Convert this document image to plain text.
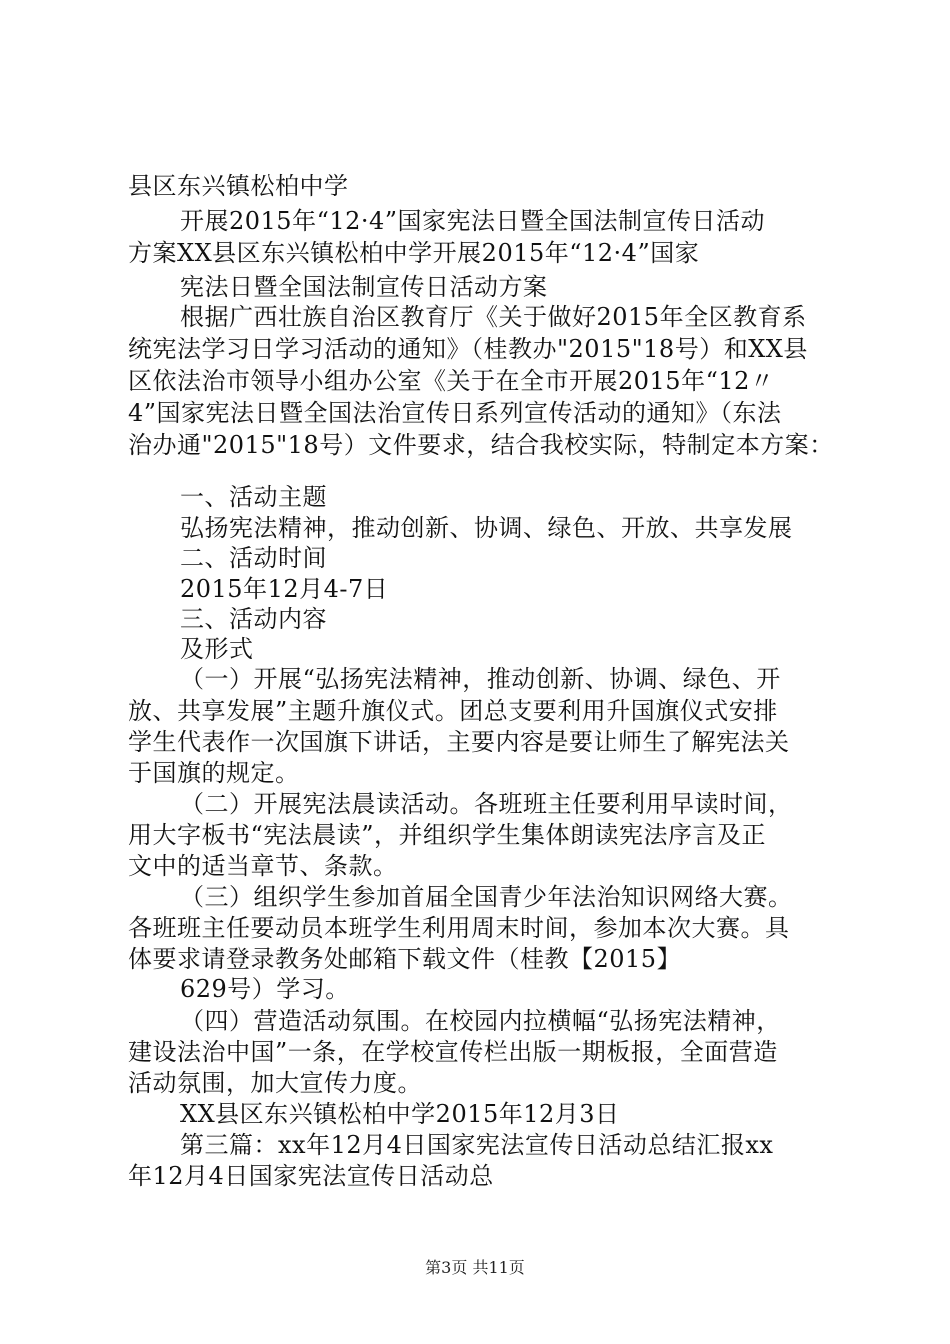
县区东兴镇松柏中学
开展2015年“12·4”国家宪法日暨全国法制宣传日活动
方案XX县区东兴镇松柏中学开展2015年“12·4”国家
宪法日暨全国法制宣传日活动方案
根据广西壮族自治区教育厅《关于做好2015年全区教育系
统宪法学习日学习活动的通知》（桂教办"2015"18号）和XX县
区依法治市领导小组办公室《关于在全市开展2015年“12〃
4”国家宪法日暨全国法治宣传日系列宣传活动的通知》（东法
治办通"2015"18号）文件要求，结合我校实际，特制定本方案：
一、活动主题
弘扬宪法精神，推动创新、协调、绿色、开放、共享发展
二、活动时间
2015年12月4-7日
三、活动内容
及形式
（一）开展“弘扬宪法精神，推动创新、协调、绿色、开
放、共享发展”主题升旗仪式。团总支要利用升国旗仪式安排
学生代表作一次国旗下讲话，主要内容是要让师生了解宪法关
于国旗的规定。
（二）开展宪法晨读活动。各班班主任要利用早读时间，
用大字板书“宪法晨读”，并组织学生集体朗读宪法序言及正
文中的适当章节、条款。
（三）组织学生参加首届全国青少年法治知识网络大赛。
各班班主任要动员本班学生利用周末时间，参加本次大赛。具
体要求请登录教务处邮箱下载文件（桂教【2015】
629号）学习。
（四）营造活动氛围。在校园内拉横幅“弘扬宪法精神，
建设法治中国”一条，在学校宣传栏出版一期板报，全面营造
活动氛围，加大宣传力度。
XX县区东兴镇松柏中学2015年12月3日
第三篇：xx年12月4日国家宪法宣传日活动总结汇报xx
年12月4日国家宪法宣传日活动总
第3页 共11页
